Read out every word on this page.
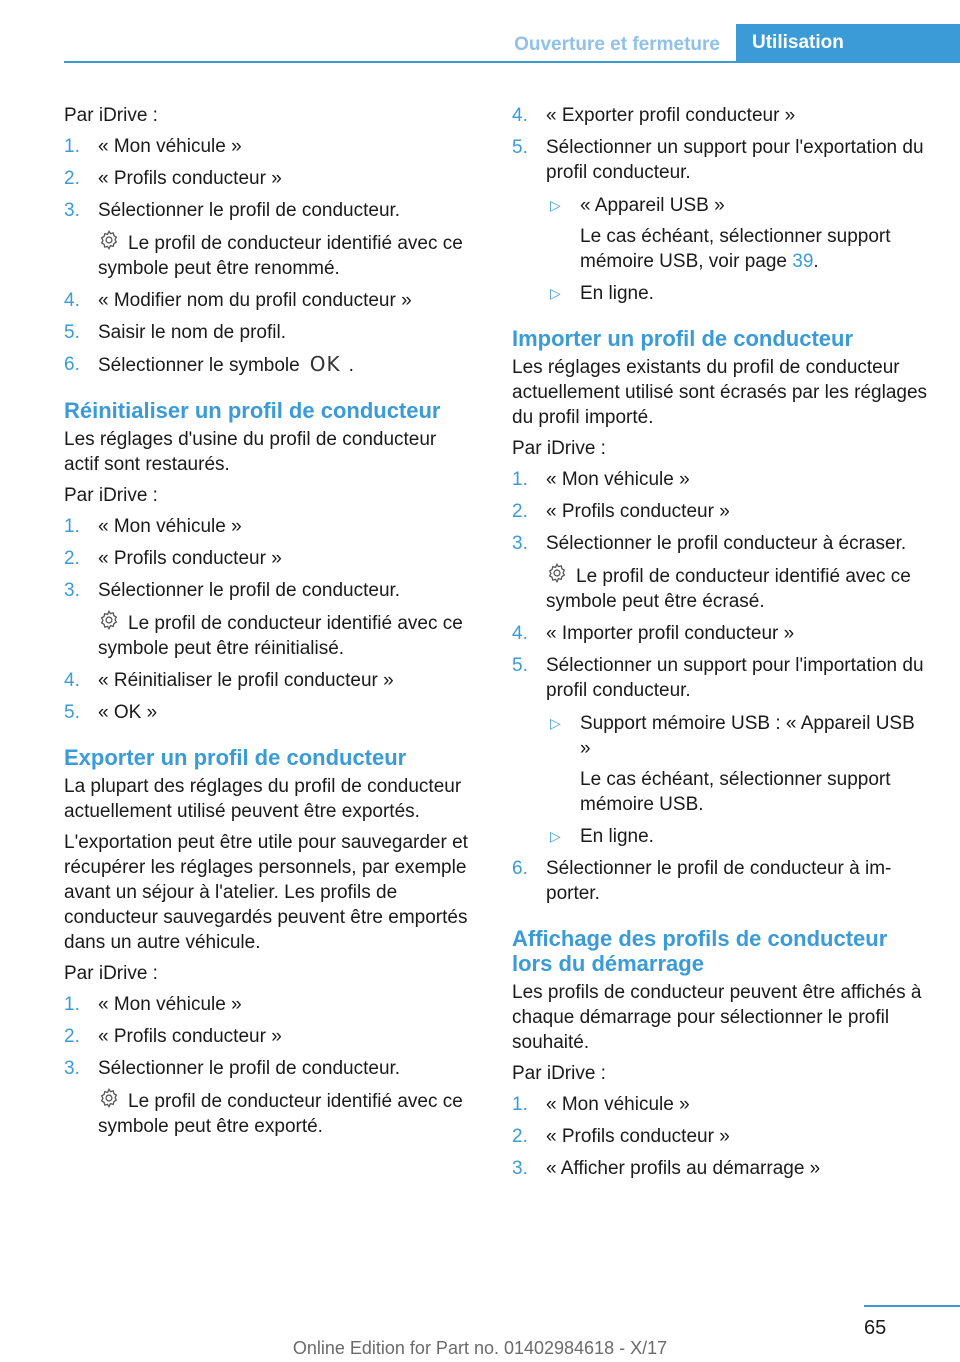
Ouverture et fermeture	Utilisation

Par iDrive :

1. « Mon véhicule »
2. « Profils conducteur »
3. Sélectionner le profil de conducteur.
Le profil de conducteur identifié avec ce symbole peut être renommé.
4. « Modifier nom du profil conducteur »
5. Saisir le nom de profil.
6. Sélectionner le symbole OK .
Réinitialiser un profil de conducteur

Les réglages d'usine du profil de conducteur actif sont restaurés.

Par iDrive :

1. « Mon véhicule »
2. « Profils conducteur »
3. Sélectionner le profil de conducteur.
Le profil de conducteur identifié avec ce symbole peut être réinitialisé.
4. « Réinitialiser le profil conducteur »
5. « OK »
Exporter un profil de conducteur

La plupart des réglages du profil de conducteur actuellement utilisé peuvent être exportés.

L'exportation peut être utile pour sauvegarder et récupérer les réglages personnels, par exemple avant un séjour à l'atelier. Les profils de conducteur sauvegardés peuvent être emportés dans un autre véhicule.

Par iDrive :

1. « Mon véhicule »
2. « Profils conducteur »
3. Sélectionner le profil de conducteur.
Le profil de conducteur identifié avec ce symbole peut être exporté.
4. « Exporter profil conducteur »
5. Sélectionner un support pour l'exportation du profil conducteur.
▷ « Appareil USB »
Le cas échéant, sélectionner support mémoire USB, voir page 39.
▷ En ligne.
Importer un profil de conducteur

Les réglages existants du profil de conducteur actuellement utilisé sont écrasés par les réglages du profil importé.

Par iDrive :

1. « Mon véhicule »
2. « Profils conducteur »
3. Sélectionner le profil conducteur à écraser.
Le profil de conducteur identifié avec ce symbole peut être écrasé.
4. « Importer profil conducteur »
5. Sélectionner un support pour l'importation du profil conducteur.
▷ Support mémoire USB : « Appareil USB »
Le cas échéant, sélectionner support mémoire USB.
▷ En ligne.
6. Sélectionner le profil de conducteur à importer.
Affichage des profils de conducteur lors du démarrage

Les profils de conducteur peuvent être affichés à chaque démarrage pour sélectionner le profil souhaité.

Par iDrive :

1. « Mon véhicule »
2. « Profils conducteur »
3. « Afficher profils au démarrage »
65
Online Edition for Part no. 01402984618 - X/17
